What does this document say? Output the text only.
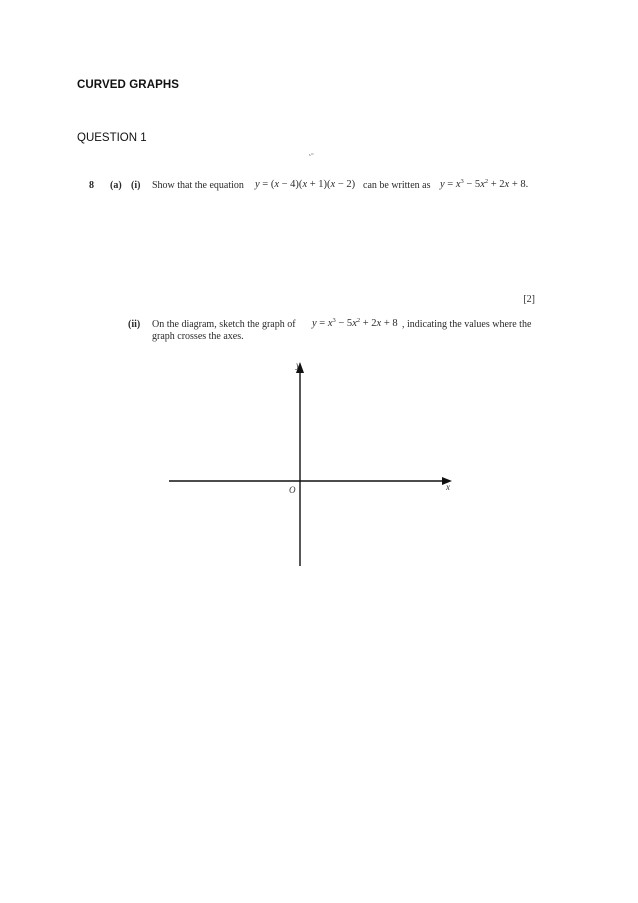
CURVED GRAPHS
QUESTION 1
ˢ⁼
8 (a) (i) Show that the equation y = (x − 4)(x + 1)(x − 2) can be written as $y = x^3 - 5x^2 + 2x + 8$.
[2]
(ii) On the diagram, sketch the graph of $y = x^3 - 5x^2 + 2x + 8$ , indicating the values where the
graph crosses the axes.
y
x
O
